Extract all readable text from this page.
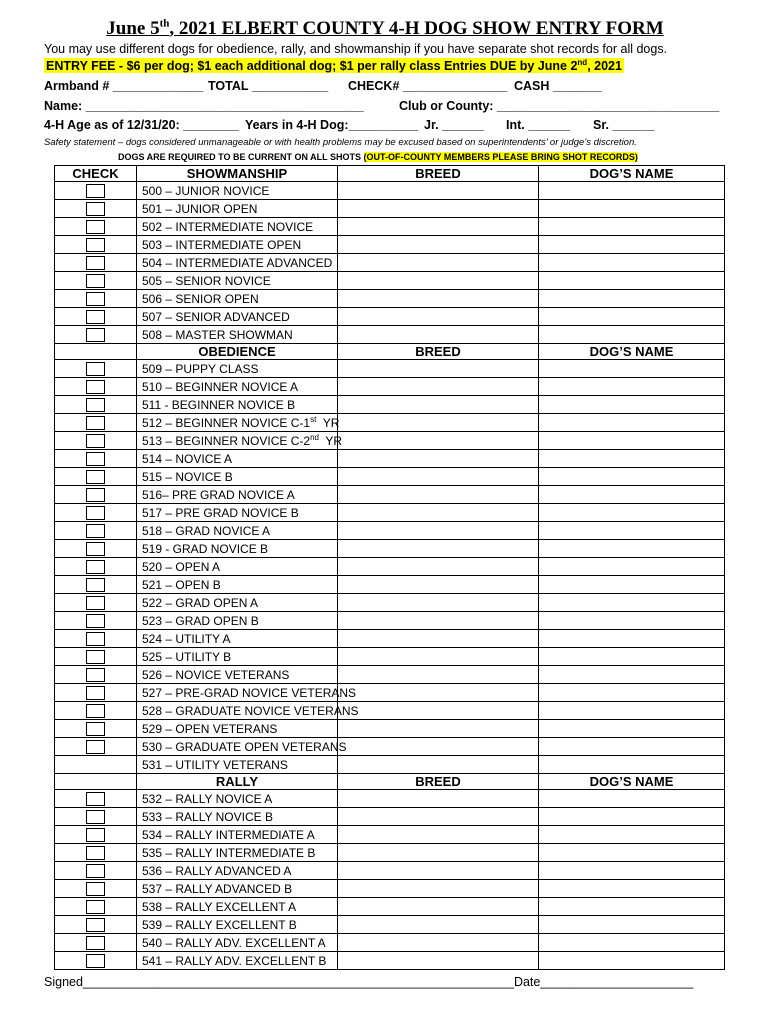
June 5th, 2021 ELBERT COUNTY 4-H DOG SHOW ENTRY FORM
You may use different dogs for obedience, rally, and showmanship if you have separate shot records for all dogs.
ENTRY FEE - $6 per dog; $1 each additional dog; $1 per rally class Entries DUE by June 2nd, 2021
Armband # _____________ TOTAL ___________ CHECK# _______________ CASH _______
Name: ________________________________________	Club or County: ________________________________
4-H Age as of 12/31/20: ________ Years in 4-H Dog:__________ Jr. ______ Int. ______ Sr. ______
Safety statement – dogs considered unmanageable or with health problems may be excused based on superintendents’ or judge’s discretion.
DOGS ARE REQUIRED TO BE CURRENT ON ALL SHOTS (OUT-OF-COUNTY MEMBERS PLEASE BRING SHOT RECORDS)
CHECK	SHOWMANSHIP	BREED	DOG’S NAME

	500 – JUNIOR NOVICE		

	501 – JUNIOR OPEN		

	502 – INTERMEDIATE NOVICE		

	503 – INTERMEDIATE OPEN		

	504 – INTERMEDIATE ADVANCED		

	505 – SENIOR NOVICE		

	506 – SENIOR OPEN		

	507 – SENIOR ADVANCED		

	508 – MASTER SHOWMAN		
	OBEDIENCE	BREED	DOG’S NAME

	509 – PUPPY CLASS		

	510 – BEGINNER NOVICE A		

	511 - BEGINNER NOVICE B		

	512 – BEGINNER NOVICE C-1st  YR		

	513 – BEGINNER NOVICE C-2nd  YR		

	514 – NOVICE A		

	515 – NOVICE B		

	516– PRE GRAD NOVICE A		

	517 – PRE GRAD NOVICE B		

	518 – GRAD NOVICE A		

	519 - GRAD NOVICE B		

	520 – OPEN A		

	521 – OPEN B		

	522 – GRAD OPEN A		

	523 – GRAD OPEN B		

	524 – UTILITY A		

	525 – UTILITY B		

	526 – NOVICE VETERANS		

	527 – PRE-GRAD NOVICE VETERANS		

	528 – GRADUATE NOVICE VETERANS		

	529 – OPEN VETERANS		

	530 – GRADUATE OPEN VETERANS		
	531 – UTILITY VETERANS		
	RALLY	BREED	DOG’S NAME

	532 – RALLY NOVICE A		

	533 – RALLY NOVICE B		

	534 – RALLY INTERMEDIATE A		

	535 – RALLY INTERMEDIATE B		

	536 – RALLY ADVANCED A		

	537 – RALLY ADVANCED B		

	538 – RALLY EXCELLENT A		

	539 – RALLY EXCELLENT B		

	540 – RALLY ADV. EXCELLENT A		

	541 – RALLY ADV. EXCELLENT B		
Signed______________________________________________________________Date______________________
